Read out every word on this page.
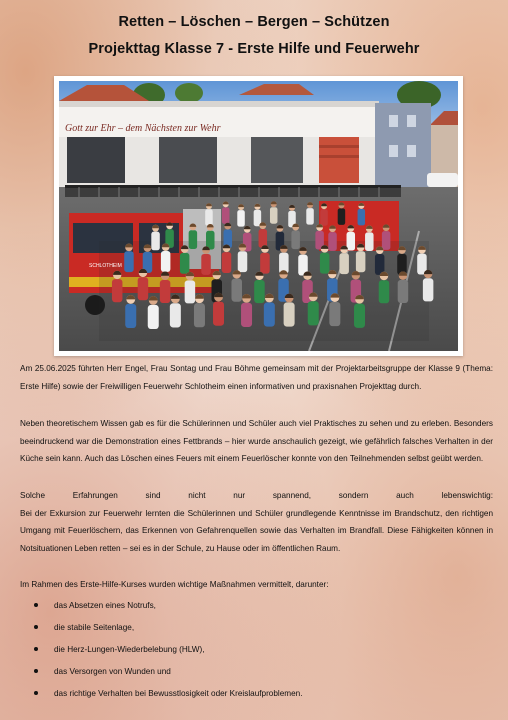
Retten – Löschen – Bergen – Schützen
Projekttag Klasse 7 - Erste Hilfe und Feuerwehr
Gott zur Ehr – dem Nächsten zur Wehr
SCHLOTHEIM

Am 25.06.2025 führten Herr Engel, Frau Sontag und Frau Böhme gemeinsam mit der Projektarbeitsgruppe der Klasse 9 (Thema: Erste Hilfe) sowie der Freiwilligen Feuerwehr Schlotheim einen informativen und praxisnahen Projekttag durch.

Neben theoretischem Wissen gab es für die Schülerinnen und Schüler auch viel Praktisches zu sehen und zu erleben. Besonders beeindruckend war die Demonstration eines Fettbrands – hier wurde anschaulich gezeigt, wie gefährlich falsches Verhalten in der Küche sein kann. Auch das Löschen eines Feuers mit einem Feuerlöscher konnte von den Teilnehmenden selbst geübt werden.

Solche Erfahrungen sind nicht nur spannend, sondern auch lebenswichtig:

Bei der Exkursion zur Feuerwehr lernten die Schülerinnen und Schüler grundlegende Kenntnisse im Brandschutz, den richtigen Umgang mit Feuerlöschern, das Erkennen von Gefahrenquellen sowie das Verhalten im Brandfall. Diese Fähigkeiten können in Notsituationen Leben retten – sei es in der Schule, zu Hause oder im öffentlichen Raum.

Im Rahmen des Erste-Hilfe-Kurses wurden wichtige Maßnahmen vermittelt, darunter:

das Absetzen eines Notrufs,
die stabile Seitenlage,
die Herz-Lungen-Wiederbelebung (HLW),
das Versorgen von Wunden und
das richtige Verhalten bei Bewusstlosigkeit oder Kreislaufproblemen.
